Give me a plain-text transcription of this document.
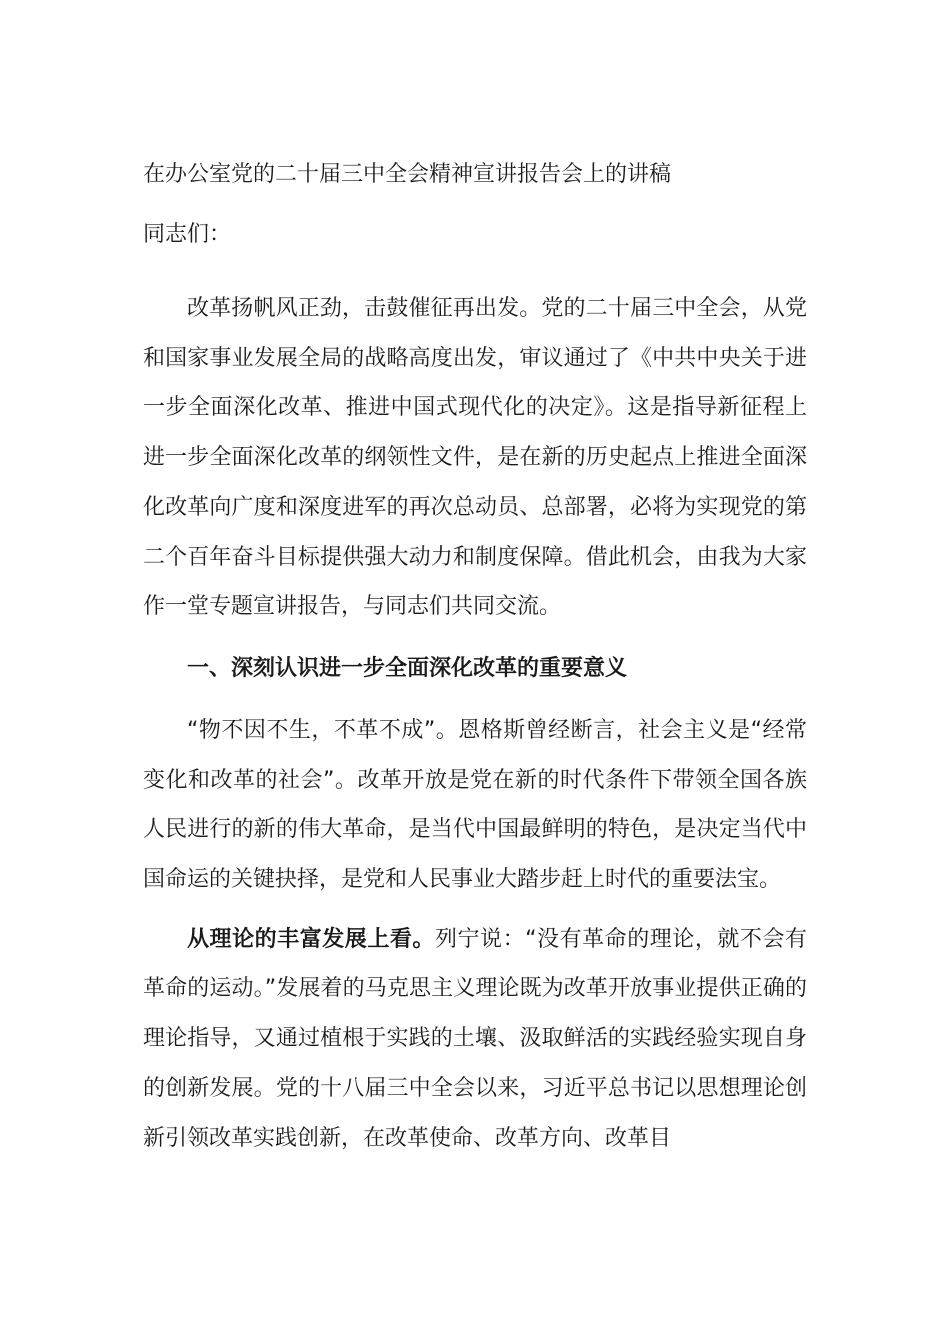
在办公室党的二十届三中全会精神宣讲报告会上的讲稿

同志们：

改革扬帆风正劲，击鼓催征再出发。党的二十届三中全会，从党和国家事业发展全局的战略高度出发，审议通过了《中共中央关于进一步全面深化改革、推进中国式现代化的决定》。这是指导新征程上进一步全面深化改革的纲领性文件，是在新的历史起点上推进全面深化改革向广度和深度进军的再次总动员、总部署，必将为实现党的第二个百年奋斗目标提供强大动力和制度保障。借此机会，由我为大家作一堂专题宣讲报告，与同志们共同交流。

一、深刻认识进一步全面深化改革的重要意义

“物不因不生，不革不成”。恩格斯曾经断言，社会主义是“经常变化和改革的社会”。改革开放是党在新的时代条件下带领全国各族人民进行的新的伟大革命，是当代中国最鲜明的特色，是决定当代中国命运的关键抉择，是党和人民事业大踏步赶上时代的重要法宝。

从理论的丰富发展上看。列宁说：“没有革命的理论，就不会有革命的运动。”发展着的马克思主义理论既为改革开放事业提供正确的理论指导，又通过植根于实践的土壤、汲取鲜活的实践经验实现自身的创新发展。党的十八届三中全会以来，习近平总书记以思想理论创新引领改革实践创新，在改革使命、改革方向、改革目
